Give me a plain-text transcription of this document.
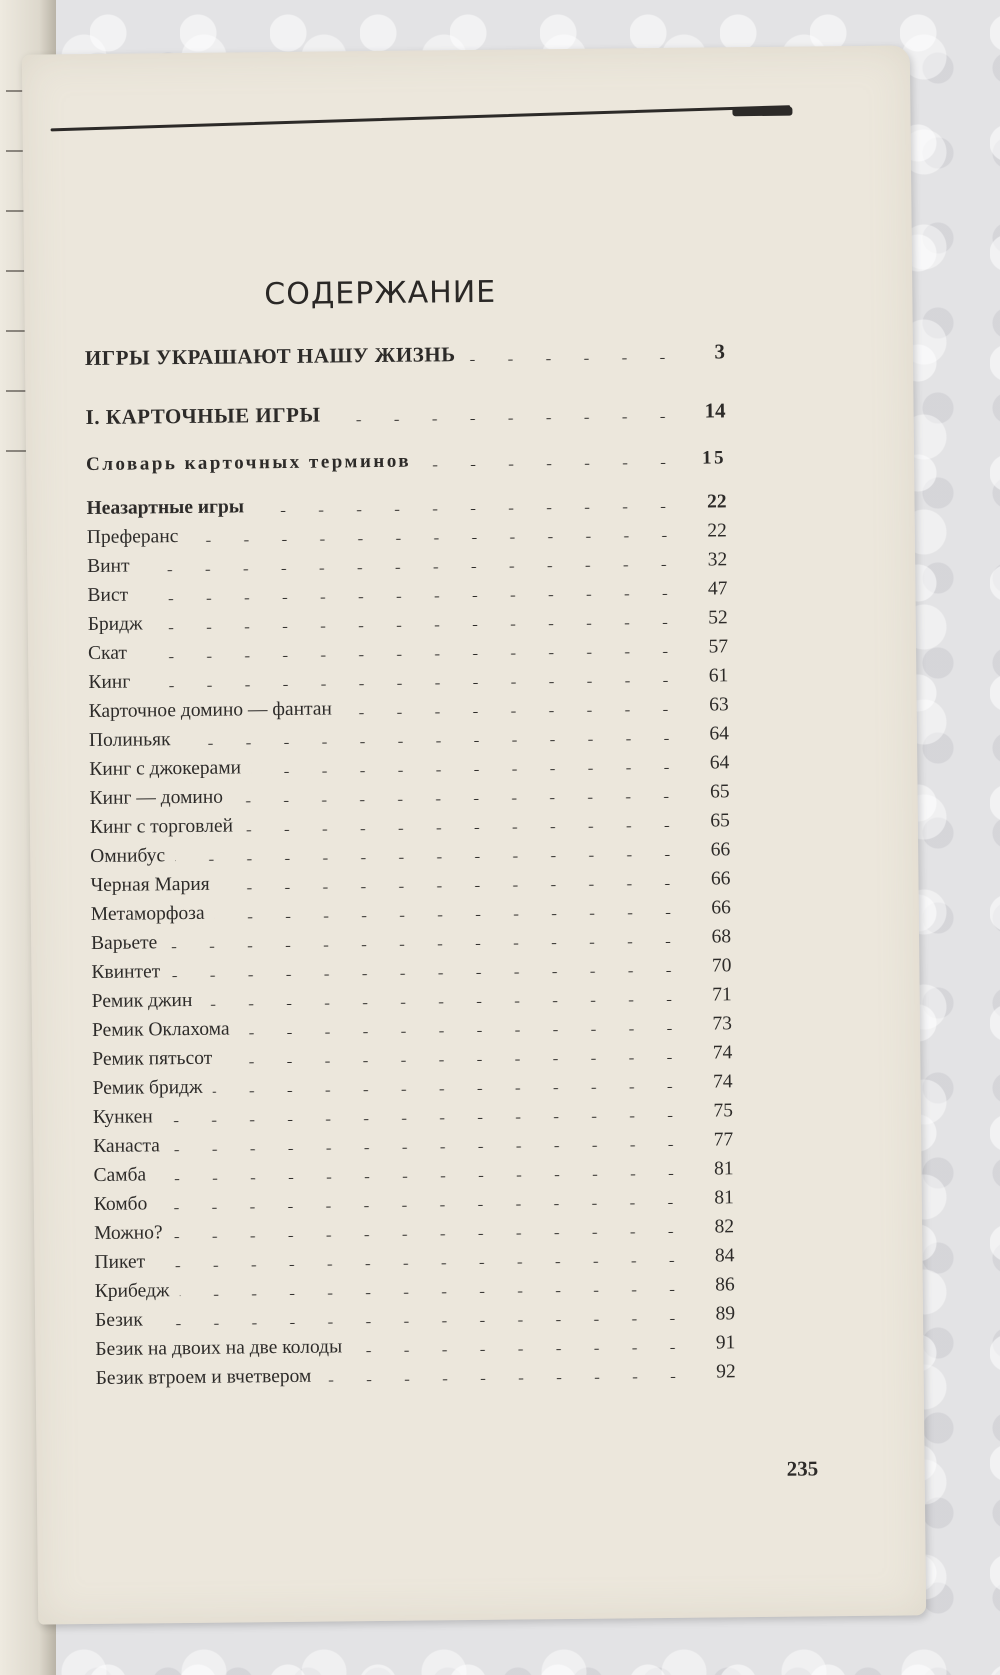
СОДЕРЖАНИЕ
ИГРЫ УКРАШАЮТ НАШУ ЖИЗНЬ	3
I. КАРТОЧНЫЕ ИГРЫ	14
Словарь карточных терминов	15
Неазартные игры	22
Преферанс	22
Винт	32
Вист	47
Бридж	52
Скат	57
Кинг	61
Карточное домино — фантан	63
Полиньяк	64
Кинг с джокерами	64
Кинг — домино	65
Кинг с торговлей	65
Омнибус	66
Черная Мария	66
Метаморфоза	66
Варьете	68
Квинтет	70
Ремик джин	71
Ремик Оклахома	73
Ремик пятьсот	74
Ремик бридж	74
Кункен	75
Канаста	77
Самба	81
Комбо	81
Можно?	82
Пикет	84
Крибедж	86
Безик	89
Безик на двоих на две колоды	91
Безик втроем и вчетвером	92
235
